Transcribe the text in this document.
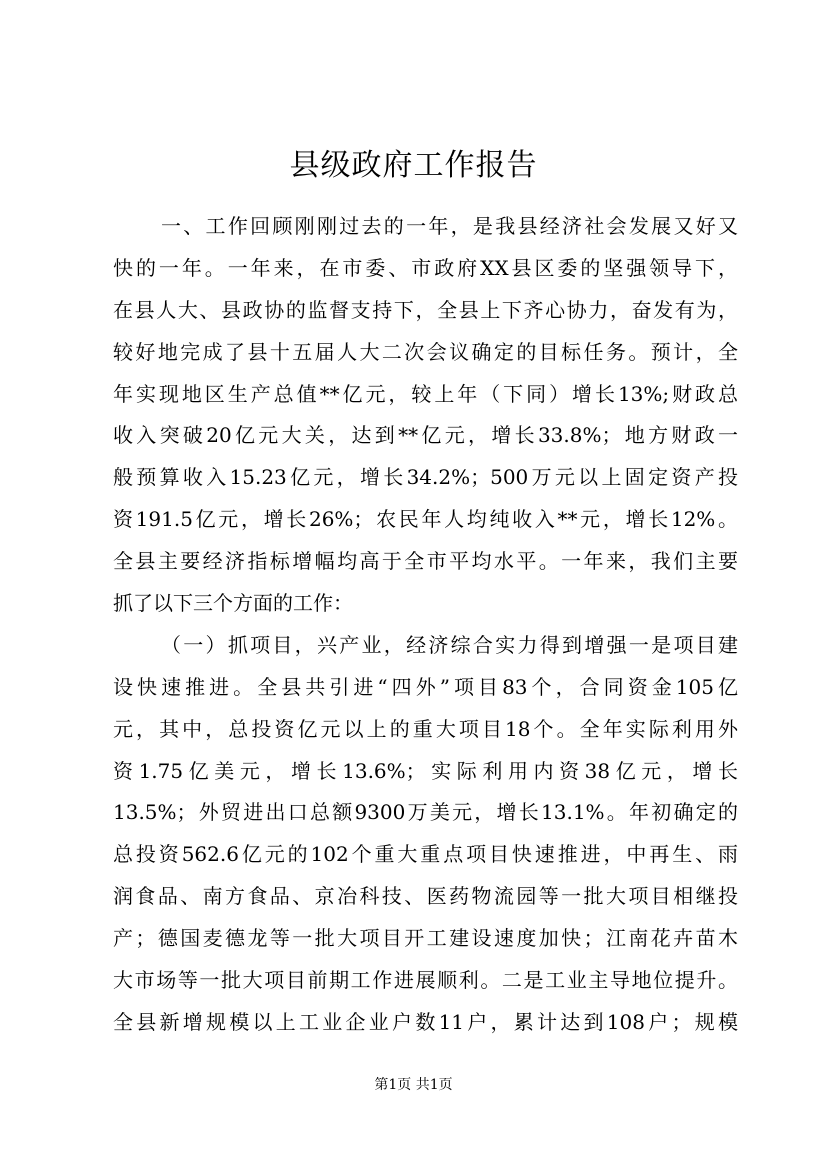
县级政府工作报告
一、工作回顾刚刚过去的一年，是我县经济社会发展又好又
快的一年。一年来，在市委、市政府XX县区委的坚强领导下，
在县人大、县政协的监督支持下，全县上下齐心协力，奋发有为，
较好地完成了县十五届人大二次会议确定的目标任务。预计，全
年实现地区生产总值**亿元，较上年（下同）增长13%;财政总
收入突破20亿元大关，达到**亿元，增长33.8%；地方财政一
般预算收入15.23亿元，增长34.2%；500万元以上固定资产投
资191.5亿元，增长26%；农民年人均纯收入**元，增长12%。
全县主要经济指标增幅均高于全市平均水平。一年来，我们主要
抓了以下三个方面的工作：
（一）抓项目，兴产业，经济综合实力得到增强一是项目建
设快速推进。全县共引进“四外”项目83个，合同资金105亿
元，其中，总投资亿元以上的重大项目18个。全年实际利用外
资1.75亿美元，增长13.6%；实际利用内资38亿元，增长
13.5%；外贸进出口总额9300万美元，增长13.1%。年初确定的
总投资562.6亿元的102个重大重点项目快速推进，中再生、雨
润食品、南方食品、京冶科技、医药物流园等一批大项目相继投
产；德国麦德龙等一批大项目开工建设速度加快；江南花卉苗木
大市场等一批大项目前期工作进展顺利。二是工业主导地位提升。
全县新增规模以上工业企业户数11户，累计达到108户；规模
第1页 共1页
